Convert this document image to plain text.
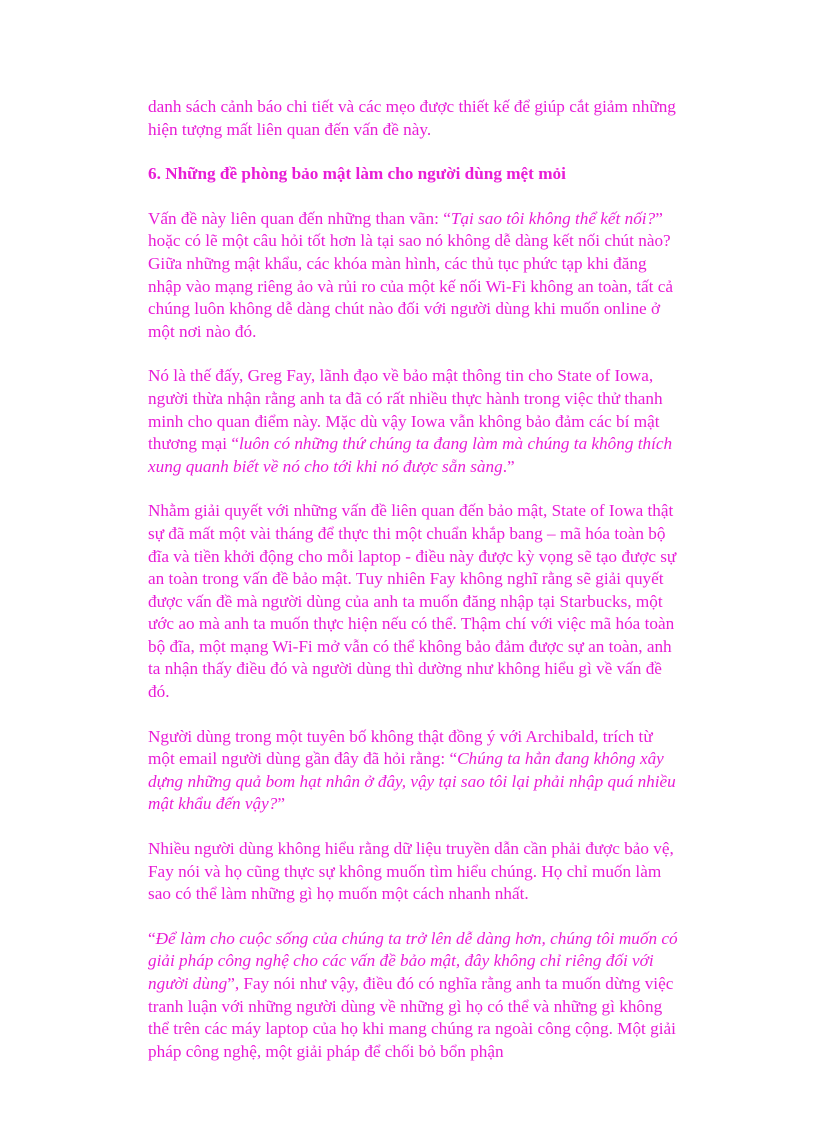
danh sách cảnh báo chi tiết và các mẹo được thiết kế để giúp cắt giảm những hiện tượng mất liên quan đến vấn đề này.

6. Những đề phòng bảo mật làm cho người dùng mệt mỏi

Vấn đề này liên quan đến những than vãn: “Tại sao tôi không thể kết nối?” hoặc có lẽ một câu hỏi tốt hơn là tại sao nó không dễ dàng kết nối chút nào? Giữa những mật khẩu, các khóa màn hình, các thủ tục phức tạp khi đăng nhập vào mạng riêng ảo và rủi ro của một kế nối Wi-Fi không an toàn, tất cả chúng luôn không dễ dàng chút nào đối với người dùng khi muốn online ở một nơi nào đó.

Nó là thế đấy, Greg Fay, lãnh đạo về bảo mật thông tin cho State of Iowa, người thừa nhận rằng anh ta đã có rất nhiều thực hành trong việc thử thanh minh cho quan điểm này. Mặc dù vậy Iowa vẫn không bảo đảm các bí mật thương mại “luôn có những thứ chúng ta đang làm mà chúng ta không thích xung quanh biết về nó cho tới khi nó được sẵn sàng.”

Nhằm giải quyết với những vấn đề liên quan đến bảo mật, State of Iowa thật sự đã mất một vài tháng để thực thi một chuẩn khắp bang – mã hóa toàn bộ đĩa và tiền khởi động cho mỗi laptop - điều này được kỳ vọng sẽ tạo được sự an toàn trong vấn đề bảo mật. Tuy nhiên Fay không nghĩ rằng sẽ giải quyết được vấn đề mà người dùng của anh ta muốn đăng nhập tại Starbucks, một ước ao mà anh ta muốn thực hiện nếu có thể. Thậm chí với việc mã hóa toàn bộ đĩa, một mạng Wi-Fi mở vẫn có thể không bảo đảm được sự an toàn, anh ta nhận thấy điều đó và người dùng thì dường như không hiểu gì về vấn đề đó.

Người dùng trong một tuyên bố không thật đồng ý với Archibald, trích từ một email người dùng gần đây đã hỏi rằng: “Chúng ta hẳn đang không xây dựng những quả bom hạt nhân ở đây, vậy tại sao tôi lại phải nhập quá nhiều mật khẩu đến vậy?”

Nhiều người dùng không hiểu rằng dữ liệu truyền dẫn cần phải được bảo vệ, Fay nói và họ cũng thực sự không muốn tìm hiểu chúng. Họ chỉ muốn làm sao có thể làm những gì họ muốn một cách nhanh nhất.

“Để làm cho cuộc sống của chúng ta trở lên dễ dàng hơn, chúng tôi muốn có giải pháp công nghệ cho các vấn đề bảo mật, đây không chỉ riêng đối với người dùng”, Fay nói như vậy, điều đó có nghĩa rằng anh ta muốn dừng việc tranh luận với những người dùng về những gì họ có thể và những gì không thể trên các máy laptop của họ khi mang chúng ra ngoài công cộng. Một giải pháp công nghệ, một giải pháp để chối bỏ bổn phận
